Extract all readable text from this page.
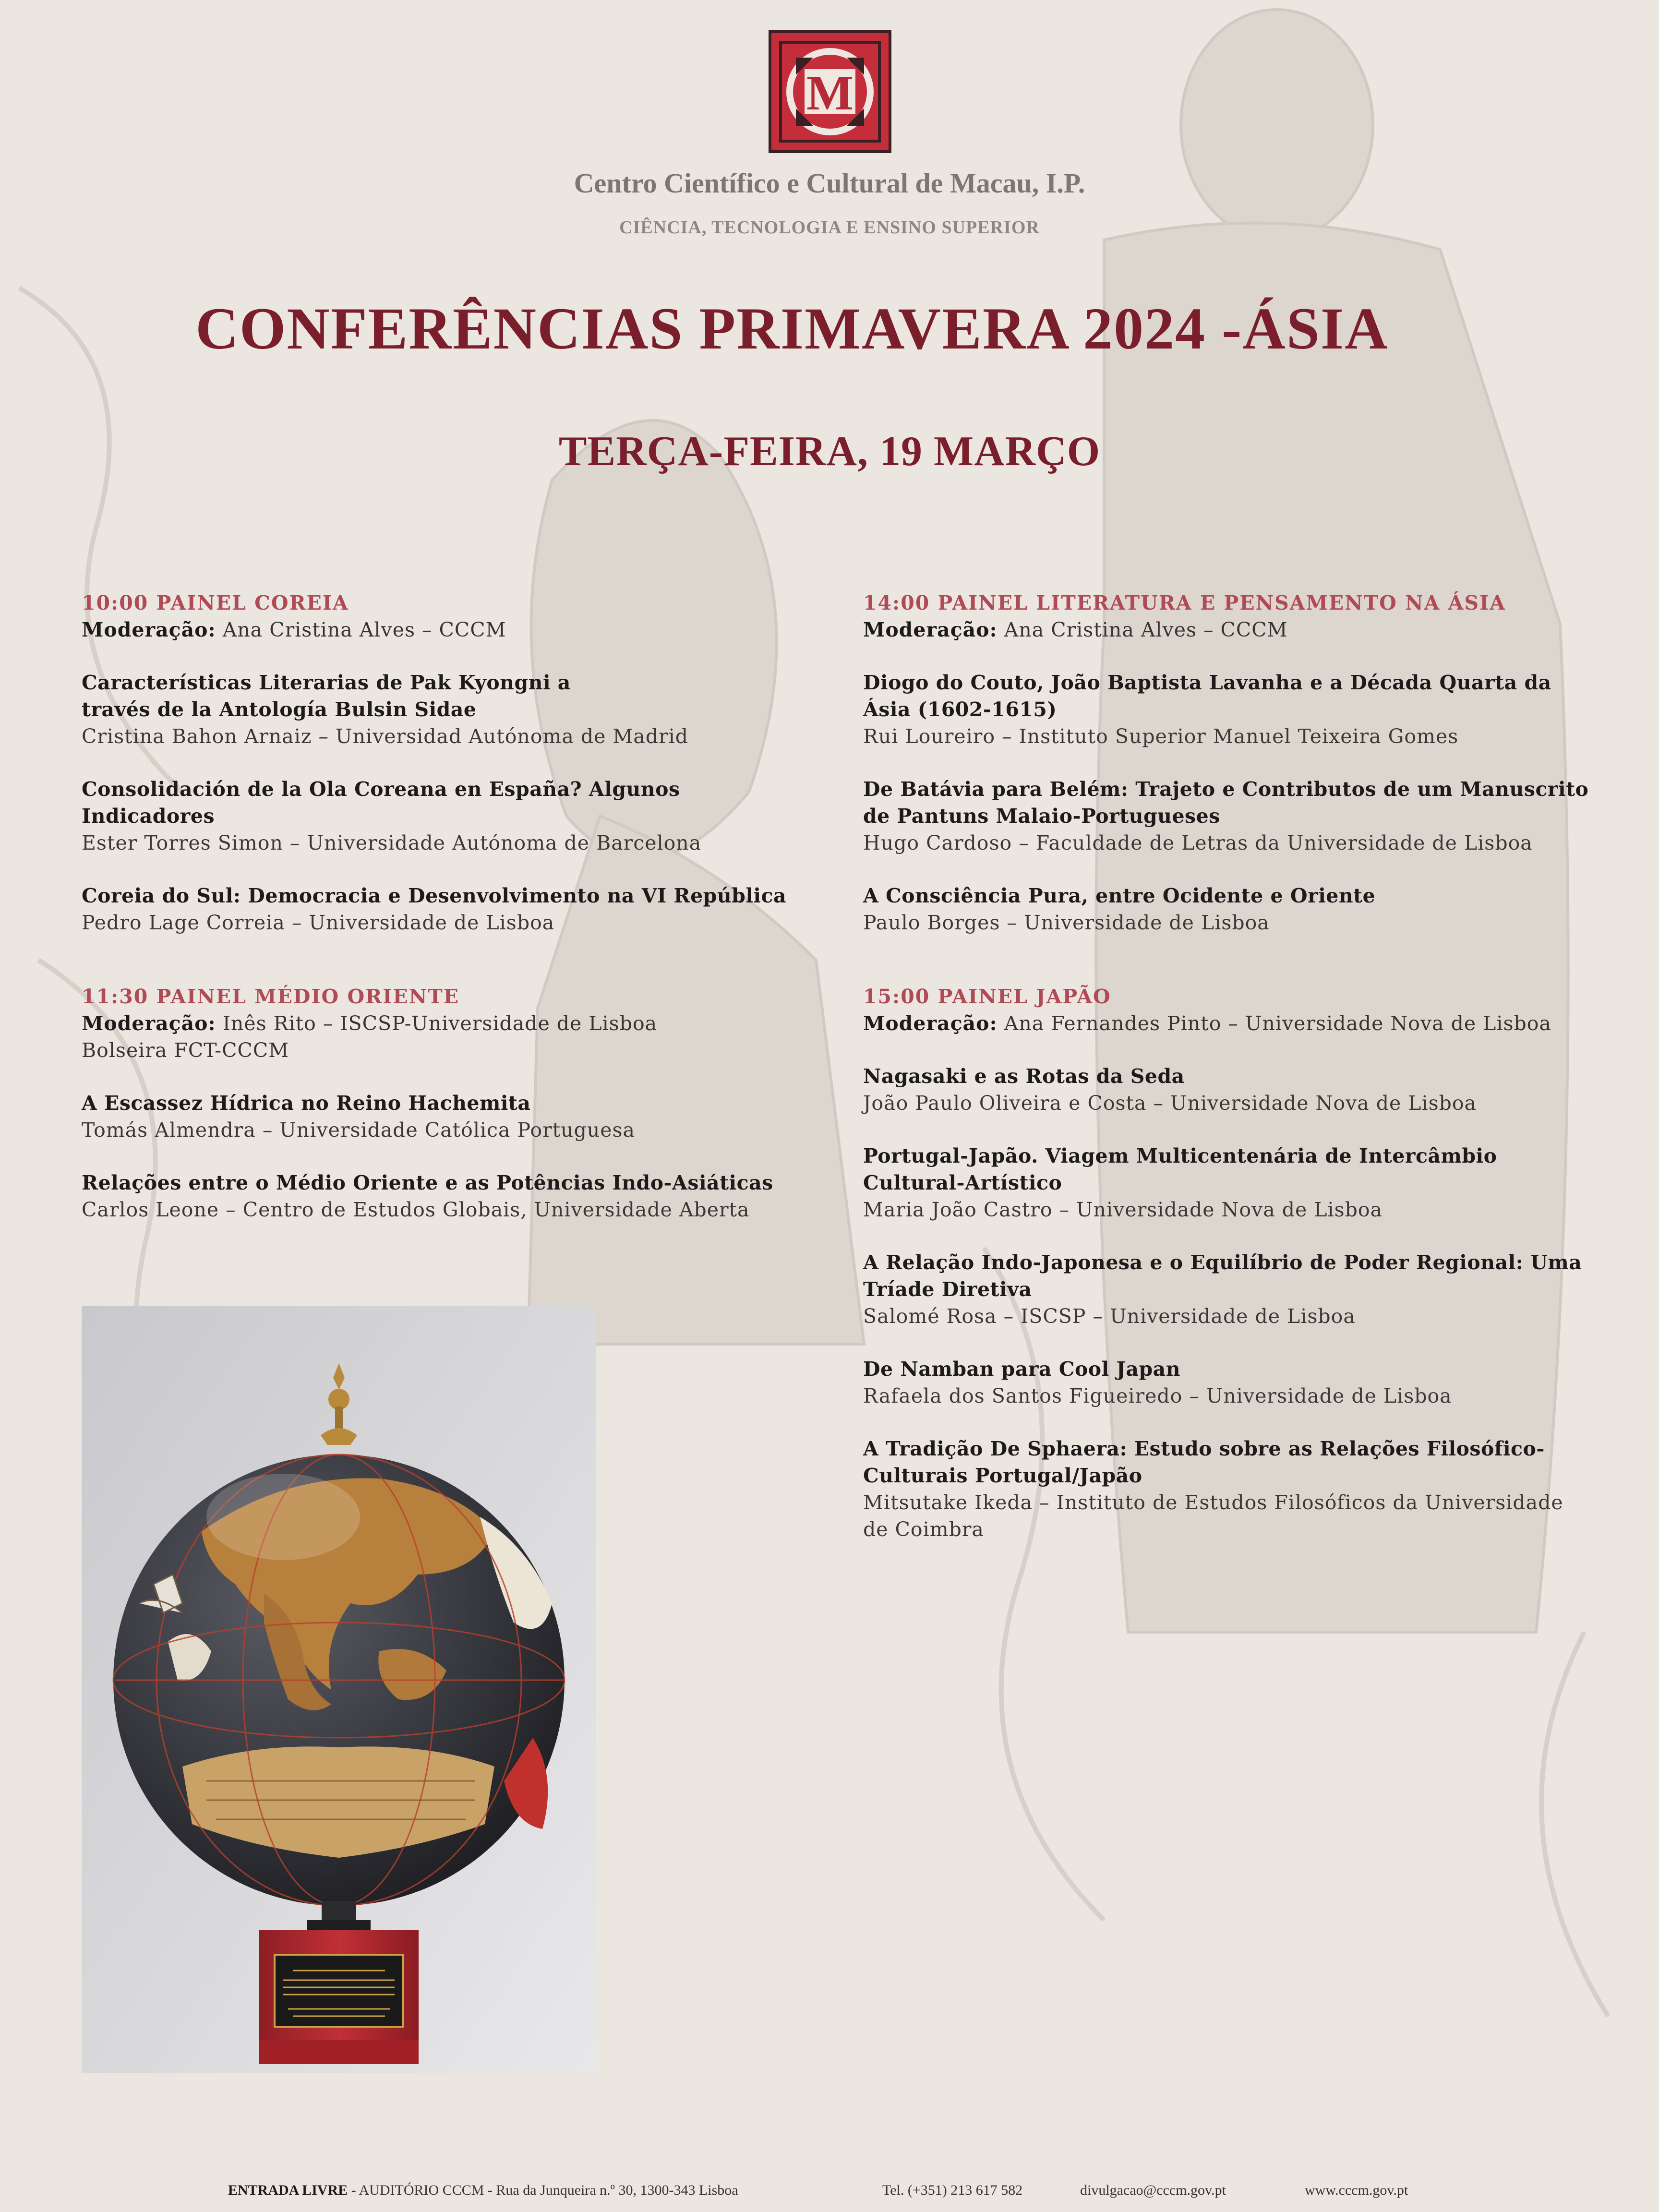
M
Centro Científico e Cultural de Macau, I.P.
CIÊNCIA, TECNOLOGIA E ENSINO SUPERIOR
CONFERÊNCIAS PRIMAVERA 2024 -ÁSIA
TERÇA-FEIRA, 19 MARÇO
10:00 PAINEL COREIA
Moderação: Ana Cristina Alves – CCCM
Características Literarias de Pak Kyongni a través de la Antología Bulsin Sidae
Cristina Bahon Arnaiz – Universidad Autónoma de Madrid
Consolidación de la Ola Coreana en España? Algunos Indicadores
Ester Torres Simon – Universidade Autónoma de Barcelona
Coreia do Sul: Democracia e Desenvolvimento na VI República
Pedro Lage Correia – Universidade de Lisboa
11:30 PAINEL MÉDIO ORIENTE
Moderação: Inês Rito – ISCSP-Universidade de Lisboa
Bolseira FCT-CCCM
A Escassez Hídrica no Reino Hachemita
Tomás Almendra – Universidade Católica Portuguesa
Relações entre o Médio Oriente e as Potências Indo-Asiáticas
Carlos Leone – Centro de Estudos Globais, Universidade Aberta
14:00 PAINEL LITERATURA E PENSAMENTO NA ÁSIA
Moderação: Ana Cristina Alves – CCCM
Diogo do Couto, João Baptista Lavanha e a Década Quarta da Ásia (1602-1615)
Rui Loureiro – Instituto Superior Manuel Teixeira Gomes
De Batávia para Belém: Trajeto e Contributos de um Manuscrito de Pantuns Malaio-Portugueses
Hugo Cardoso – Faculdade de Letras da Universidade de Lisboa
A Consciência Pura, entre Ocidente e Oriente
Paulo Borges – Universidade de Lisboa
15:00 PAINEL JAPÃO
Moderação: Ana Fernandes Pinto – Universidade Nova de Lisboa
Nagasaki e as Rotas da Seda
João Paulo Oliveira e Costa – Universidade Nova de Lisboa
Portugal-Japão. Viagem Multicentenária de Intercâmbio Cultural-Artístico
Maria João Castro – Universidade Nova de Lisboa
A Relação Indo-Japonesa e o Equilíbrio de Poder Regional: Uma Tríade Diretiva
Salomé Rosa – ISCSP – Universidade de Lisboa
De Namban para Cool Japan
Rafaela dos Santos Figueiredo – Universidade de Lisboa
A Tradição De Sphaera: Estudo sobre as Relações Filosófico-Culturais Portugal/Japão
Mitsutake Ikeda – Instituto de Estudos Filosóficos da Universidade de Coimbra
ENTRADA LIVRE - AUDITÓRIO CCCM - Rua da Junqueira n.º 30, 1300-343 Lisboa	Tel. (+351) 213 617 582	divulgacao@cccm.gov.pt	www.cccm.gov.pt
